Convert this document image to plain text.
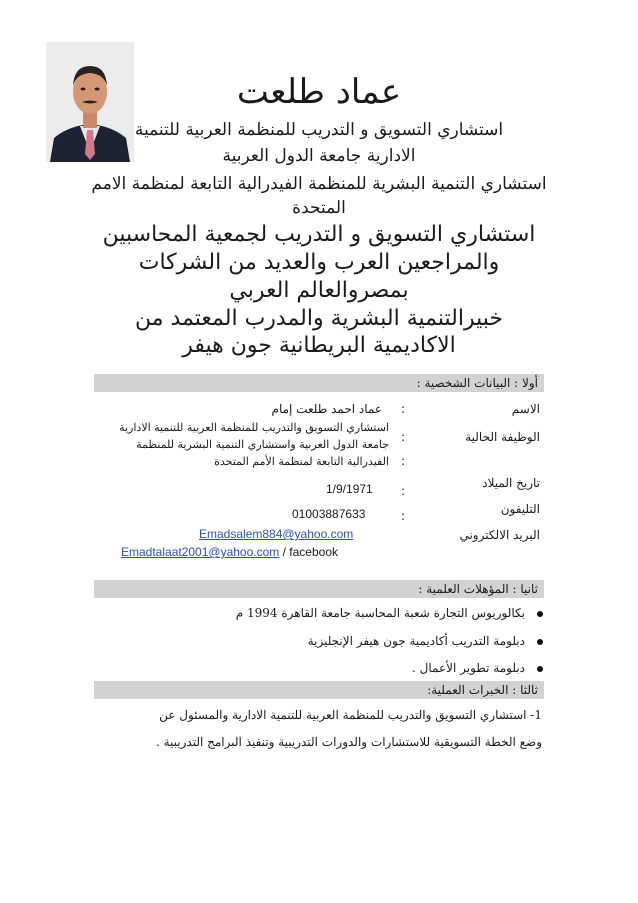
عماد طلعت
استشاري التسويق و التدريب للمنظمة العربية للتنمية
الادارية جامعة الدول العربية
استشاري التنمية البشرية للمنظمة الفيدرالية التابعة لمنظمة الامم
المتحدة
استشاري التسويق و التدريب لجمعية المحاسبين
والمراجعين العرب والعديد من الشركات
بمصروالعالم العربي
خبيرالتنمية البشرية والمدرب المعتمد من
الاكاديمية البريطانية جون هيفر
أولا : البيانات الشخصية :
الاسم
:
عماد احمد طلعت إمام
الوظيفة الحالية
:
:
استشاري التسويق والتدريب للمنظمة العربية للتنمية الادارية
جامعة الدول العربية واستشاري التنمية البشرية للمنظمة
الفيدرالية التابعة لمنظمة الأمم المتحدة
تاريخ الميلاد
:
1/9/1971
التليفون
:
01003887633
البريد الالكتروني
Emadsalem884@yahoo.com
Emadtalaat2001@yahoo.com / facebook
ثانيا : المؤهلات العلمية :
بكالوريوس التجارة شعبة المحاسبة جامعة القاهرة 1994 م
دبلومة التدريب أكاديمية جون هيفر الإنجليزية
دبلومة تطوير الأعمال .
ثالثا : الخبرات العملية:
1- استشاري التسويق والتدريب للمنظمة العربية للتنمية الادارية والمسئول عن
وضع الخطة التسويقية للاستشارات والدورات التدريبية وتنفيذ البرامج التدريبية .
